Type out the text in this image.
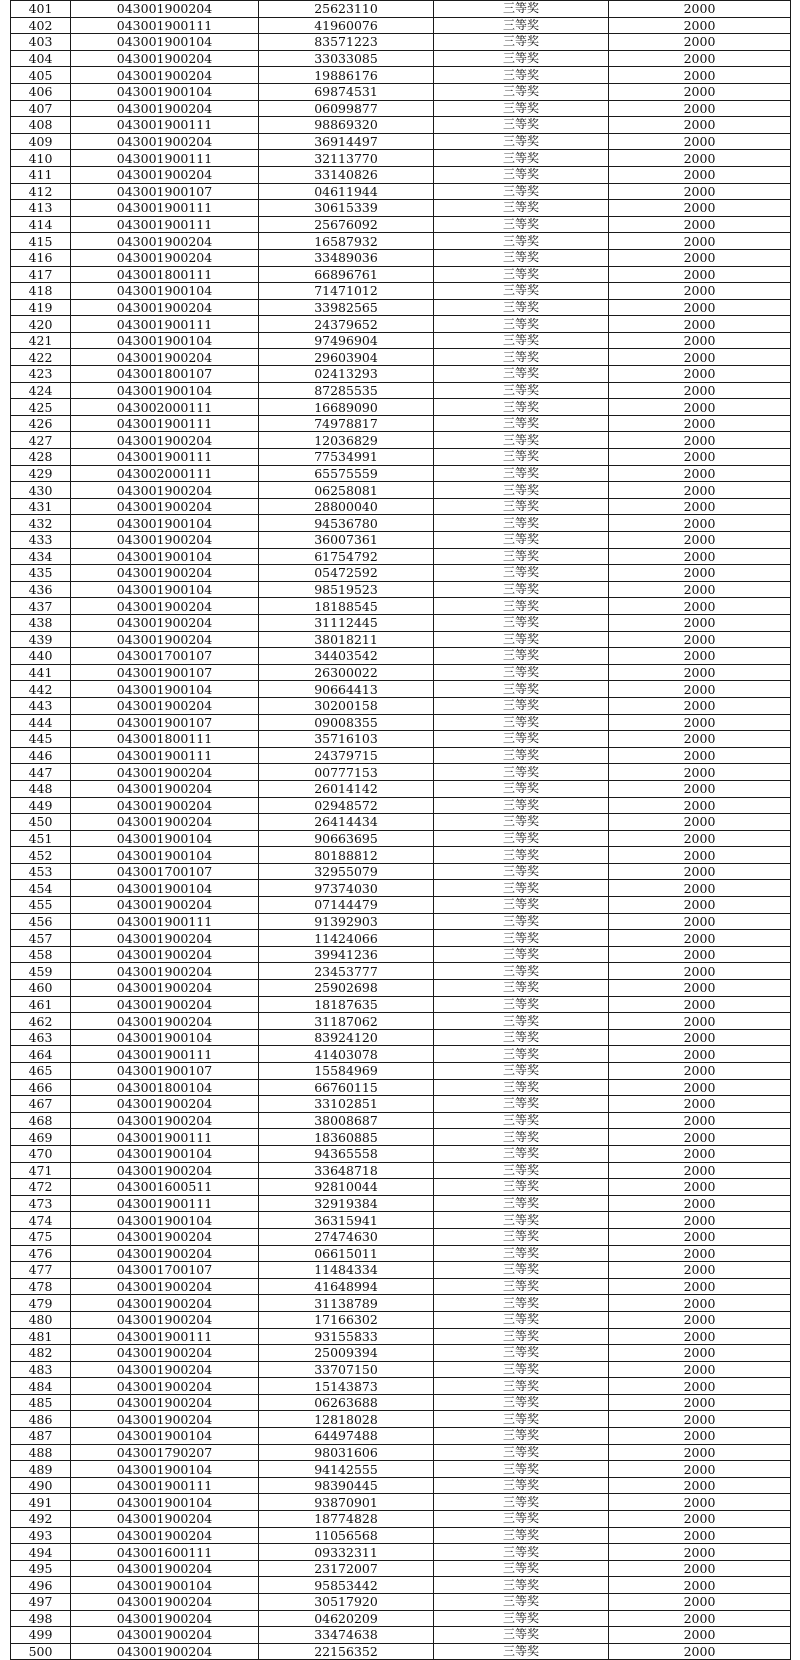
401	043001900204	25623110	三等奖	2000
402	043001900111	41960076	三等奖	2000
403	043001900104	83571223	三等奖	2000
404	043001900204	33033085	三等奖	2000
405	043001900204	19886176	三等奖	2000
406	043001900104	69874531	三等奖	2000
407	043001900204	06099877	三等奖	2000
408	043001900111	98869320	三等奖	2000
409	043001900204	36914497	三等奖	2000
410	043001900111	32113770	三等奖	2000
411	043001900204	33140826	三等奖	2000
412	043001900107	04611944	三等奖	2000
413	043001900111	30615339	三等奖	2000
414	043001900111	25676092	三等奖	2000
415	043001900204	16587932	三等奖	2000
416	043001900204	33489036	三等奖	2000
417	043001800111	66896761	三等奖	2000
418	043001900104	71471012	三等奖	2000
419	043001900204	33982565	三等奖	2000
420	043001900111	24379652	三等奖	2000
421	043001900104	97496904	三等奖	2000
422	043001900204	29603904	三等奖	2000
423	043001800107	02413293	三等奖	2000
424	043001900104	87285535	三等奖	2000
425	043002000111	16689090	三等奖	2000
426	043001900111	74978817	三等奖	2000
427	043001900204	12036829	三等奖	2000
428	043001900111	77534991	三等奖	2000
429	043002000111	65575559	三等奖	2000
430	043001900204	06258081	三等奖	2000
431	043001900204	28800040	三等奖	2000
432	043001900104	94536780	三等奖	2000
433	043001900204	36007361	三等奖	2000
434	043001900104	61754792	三等奖	2000
435	043001900204	05472592	三等奖	2000
436	043001900104	98519523	三等奖	2000
437	043001900204	18188545	三等奖	2000
438	043001900204	31112445	三等奖	2000
439	043001900204	38018211	三等奖	2000
440	043001700107	34403542	三等奖	2000
441	043001900107	26300022	三等奖	2000
442	043001900104	90664413	三等奖	2000
443	043001900204	30200158	三等奖	2000
444	043001900107	09008355	三等奖	2000
445	043001800111	35716103	三等奖	2000
446	043001900111	24379715	三等奖	2000
447	043001900204	00777153	三等奖	2000
448	043001900204	26014142	三等奖	2000
449	043001900204	02948572	三等奖	2000
450	043001900204	26414434	三等奖	2000
451	043001900104	90663695	三等奖	2000
452	043001900104	80188812	三等奖	2000
453	043001700107	32955079	三等奖	2000
454	043001900104	97374030	三等奖	2000
455	043001900204	07144479	三等奖	2000
456	043001900111	91392903	三等奖	2000
457	043001900204	11424066	三等奖	2000
458	043001900204	39941236	三等奖	2000
459	043001900204	23453777	三等奖	2000
460	043001900204	25902698	三等奖	2000
461	043001900204	18187635	三等奖	2000
462	043001900204	31187062	三等奖	2000
463	043001900104	83924120	三等奖	2000
464	043001900111	41403078	三等奖	2000
465	043001900107	15584969	三等奖	2000
466	043001800104	66760115	三等奖	2000
467	043001900204	33102851	三等奖	2000
468	043001900204	38008687	三等奖	2000
469	043001900111	18360885	三等奖	2000
470	043001900104	94365558	三等奖	2000
471	043001900204	33648718	三等奖	2000
472	043001600511	92810044	三等奖	2000
473	043001900111	32919384	三等奖	2000
474	043001900104	36315941	三等奖	2000
475	043001900204	27474630	三等奖	2000
476	043001900204	06615011	三等奖	2000
477	043001700107	11484334	三等奖	2000
478	043001900204	41648994	三等奖	2000
479	043001900204	31138789	三等奖	2000
480	043001900204	17166302	三等奖	2000
481	043001900111	93155833	三等奖	2000
482	043001900204	25009394	三等奖	2000
483	043001900204	33707150	三等奖	2000
484	043001900204	15143873	三等奖	2000
485	043001900204	06263688	三等奖	2000
486	043001900204	12818028	三等奖	2000
487	043001900104	64497488	三等奖	2000
488	043001790207	98031606	三等奖	2000
489	043001900104	94142555	三等奖	2000
490	043001900111	98390445	三等奖	2000
491	043001900104	93870901	三等奖	2000
492	043001900204	18774828	三等奖	2000
493	043001900204	11056568	三等奖	2000
494	043001600111	09332311	三等奖	2000
495	043001900204	23172007	三等奖	2000
496	043001900104	95853442	三等奖	2000
497	043001900204	30517920	三等奖	2000
498	043001900204	04620209	三等奖	2000
499	043001900204	33474638	三等奖	2000
500	043001900204	22156352	三等奖	2000
